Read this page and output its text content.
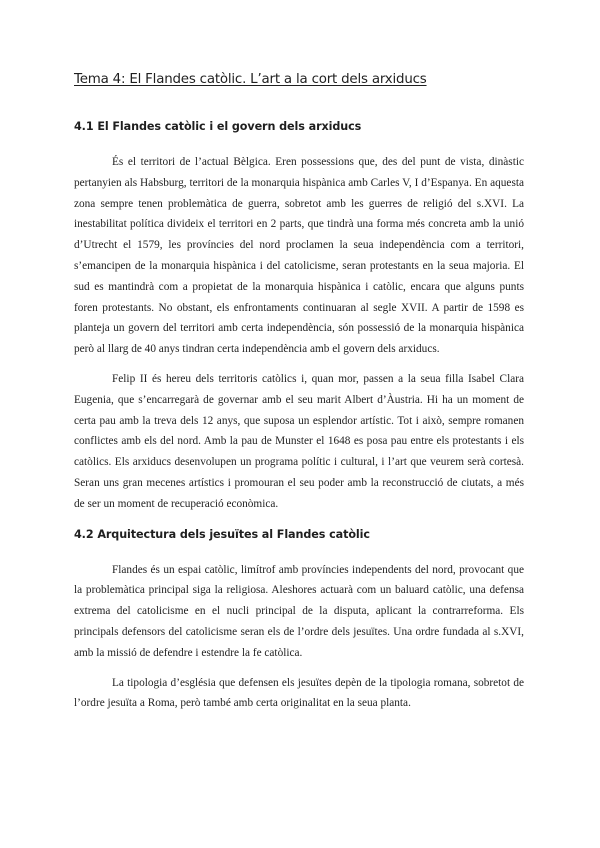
Tema 4: El Flandes catòlic. L’art a la cort dels arxiducs
4.1 El Flandes catòlic i el govern dels arxiducs

És el territori de l’actual Bèlgica. Eren possessions que, des del punt de vista, dinàstic pertanyien als Habsburg, territori de la monarquia hispànica amb Carles V, I d’Espanya. En aquesta zona sempre tenen problemàtica de guerra, sobretot amb les guerres de religió del s.XVI. La inestabilitat política divideix el territori en 2 parts, que tindrà una forma més concreta amb la unió d’Utrecht el 1579, les províncies del nord proclamen la seua independència com a territori, s’emancipen de la monarquia hispànica i del catolicisme, seran protestants en la seua majoria. El sud es mantindrà com a propietat de la monarquia hispànica i catòlic, encara que alguns punts foren protestants. No obstant, els enfrontaments continuaran al segle XVII. A partir de 1598 es planteja un govern del territori amb certa independència, són possessió de la monarquia hispànica però al llarg de 40 anys tindran certa independència amb el govern dels arxiducs.

Felip II és hereu dels territoris catòlics i, quan mor, passen a la seua filla Isabel Clara Eugenia, que s’encarregarà de governar amb el seu marit Albert d’Àustria. Hi ha un moment de certa pau amb la treva dels 12 anys, que suposa un esplendor artístic. Tot i això, sempre romanen conflictes amb els del nord. Amb la pau de Munster el 1648 es posa pau entre els protestants i els catòlics. Els arxiducs desenvolupen un programa polític i cultural, i l’art que veurem serà cortesà. Seran uns gran mecenes artístics i promouran el seu poder amb la reconstrucció de ciutats, a més de ser un moment de recuperació econòmica.

4.2 Arquitectura dels jesuïtes al Flandes catòlic

Flandes és un espai catòlic, limítrof amb províncies independents del nord, provocant que la problemàtica principal siga la religiosa. Aleshores actuarà com un baluard catòlic, una defensa extrema del catolicisme en el nucli principal de la disputa, aplicant la contrarreforma. Els principals defensors del catolicisme seran els de l’ordre dels jesuïtes. Una ordre fundada al s.XVI, amb la missió de defendre i estendre la fe catòlica.

La tipologia d’església que defensen els jesuïtes depèn de la tipologia romana, sobretot de l’ordre jesuïta a Roma, però també amb certa originalitat en la seua planta.
